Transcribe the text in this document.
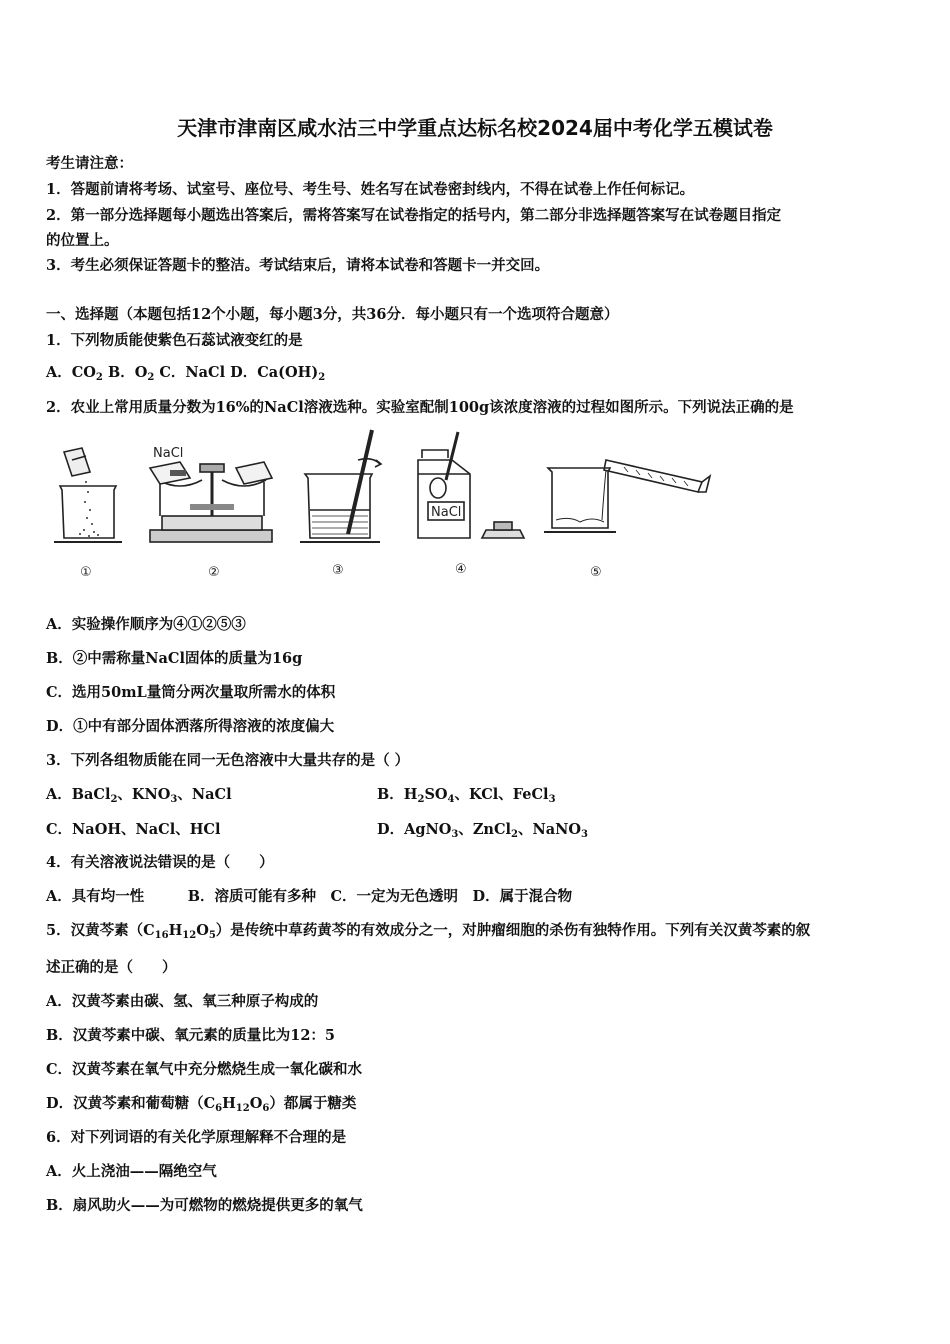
天津市津南区咸水沽三中学重点达标名校2024届中考化学五模试卷
考生请注意：
1．答题前请将考场、试室号、座位号、考生号、姓名写在试卷密封线内，不得在试卷上作任何标记。
2．第一部分选择题每小题选出答案后，需将答案写在试卷指定的括号内，第二部分非选择题答案写在试卷题目指定
的位置上。
3．考生必须保证答题卡的整洁。考试结束后，请将本试卷和答题卡一并交回。
一、选择题（本题包括12个小题，每小题3分，共36分．每小题只有一个选项符合题意）
1．下列物质能使紫色石蕊试液变红的是
A．$CO_2$ B．$O_2$ C．NaCl D．$Ca(OH)_2$
2．农业上常用质量分数为16%的NaCl溶液选种。实验室配制100g该浓度溶液的过程如图所示。下列说法正确的是
①
NaCl
②	③
NaCl
④	⑤
A．实验操作顺序为④①②⑤③
B．②中需称量NaCl固体的质量为16g
C．选用50mL量筒分两次量取所需水的体积
D．①中有部分固体洒落所得溶液的浓度偏大
3．下列各组物质能在同一无色溶液中大量共存的是（ ）
A．BaCl$_2$、$KNO_3$、NaCl	B．$H_2SO_4$、KCl、FeCl$_3$
C．NaOH、NaCl、HCl	D．AgNO$_3$、ZnCl$_2$、NaNO$_3$
4．有关溶液说法错误的是（　　）
A．具有均一性　　　B．溶质可能有多种　C．一定为无色透明　D．属于混合物
5．汉黄芩素$(C_{16}H_{12}O_5)$是传统中草药黄芩的有效成分之一，对肿瘤细胞的杀伤有独特作用。下列有关汉黄芩素的叙
述正确的是（　　）
A．汉黄芩素由碳、氢、氧三种原子构成的
B．汉黄芩素中碳、氧元素的质量比为12：5
C．汉黄芩素在氧气中充分燃烧生成一氧化碳和水
D．汉黄芩素和葡萄糖$(C_6H_{12}O_6)$都属于糖类
6．对下列词语的有关化学原理解释不合理的是
A．火上浇油——隔绝空气
B．扇风助火——为可燃物的燃烧提供更多的氧气
